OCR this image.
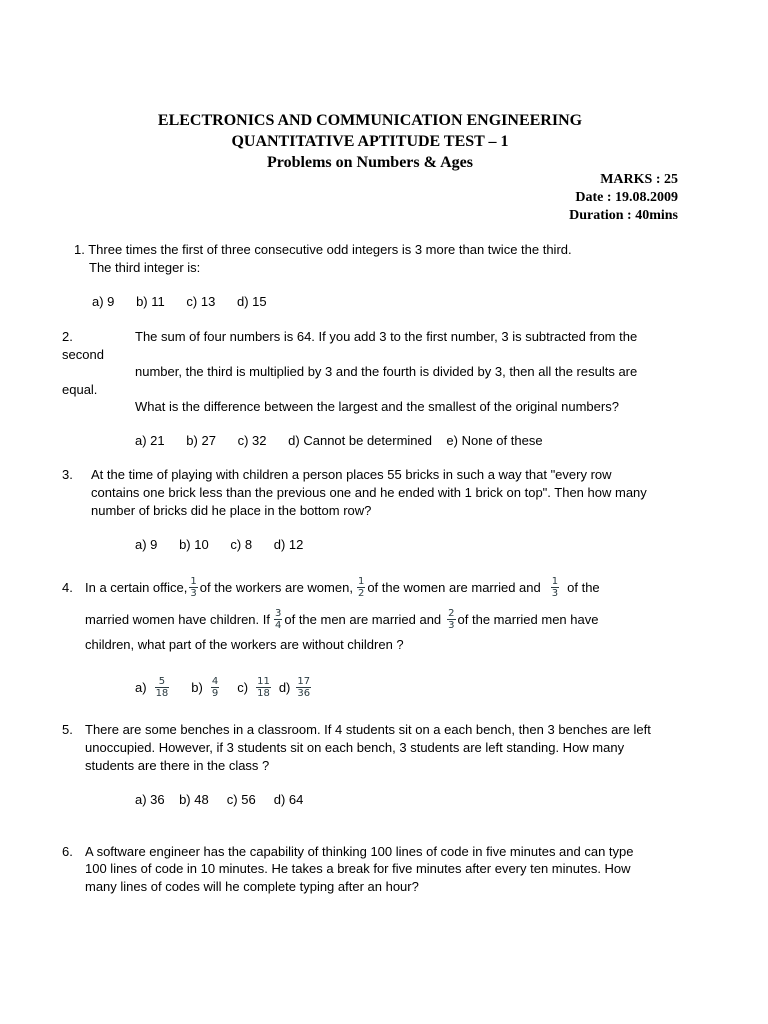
ELECTRONICS AND COMMUNICATION ENGINEERING
QUANTITATIVE APTITUDE TEST – 1
Problems on Numbers & Ages
MARKS : 25
Date : 19.08.2009
Duration : 40mins
1. Three times the first of three consecutive odd integers is 3 more than twice the third.
The third integer is:
a) 9      b) 11      c) 13      d) 15
2.	The sum of four numbers is 64. If you add 3 to the first number, 3 is subtracted from the
second
number, the third is multiplied by 3 and the fourth is divided by 3, then all the results are
equal.
What is the difference between the largest and the smallest of the original numbers?
a) 21      b) 27      c) 32      d) Cannot be determined    e) None of these
3. At the time of playing with children a person places 55 bricks in such a way that "every row
contains one brick less than the previous one and he ended with 1 brick on top". Then how many
number of bricks did he place in the bottom row?
a) 9      b) 10      c) 8      d) 12
4. In a certain office, $\frac{1}{3}$ of the workers are women, $\frac{1}{2}$ of the women are married and $\frac{1}{3}$ of the
married women have children. If $\frac{3}{4}$ of the men are married and $\frac{2}{3}$ of the married men have
children, what part of the workers are without children ?
$a) \frac{5}{18} b) \frac{4}{9} c) \frac{11}{18} d) \frac{17}{36}$
5. There are some benches in a classroom. If 4 students sit on a each bench, then 3 benches are left
unoccupied. However, if 3 students sit on each bench, 3 students are left standing. How many
students are there in the class ?
a) 36    b) 48     c) 56     d) 64
6. A software engineer has the capability of thinking 100 lines of code in five minutes and can type
100 lines of code in 10 minutes. He takes a break for five minutes after every ten minutes. How
many lines of codes will he complete typing after an hour?
